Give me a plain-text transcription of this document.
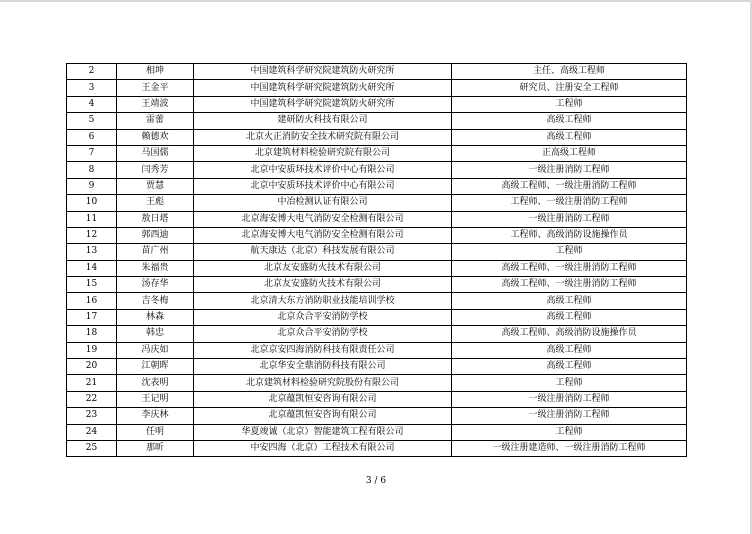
2	相坤	中国建筑科学研究院建筑防火研究所	主任、高级工程师
3	王金平	中国建筑科学研究院建筑防火研究所	研究员、注册安全工程师
4	王靖波	中国建筑科学研究院建筑防火研究所	工程师
5	雷蕾	建研防火科技有限公司	高级工程师
6	赖德欢	北京火正消防安全技术研究院有限公司	高级工程师
7	马国儒	北京建筑材料检验研究院有限公司	正高级工程师
8	闫秀芳	北京中安质环技术评价中心有限公司	一级注册消防工程师
9	贾慧	北京中安质环技术评价中心有限公司	高级工程师、一级注册消防工程师
10	王彪	中冶检测认证有限公司	工程师、一级注册消防工程师
11	敖日塔	北京海安博大电气消防安全检测有限公司	一级注册消防工程师
12	郭西迪	北京海安博大电气消防安全检测有限公司	工程师、高级消防设施操作员
13	苗广州	航天康达（北京）科技发展有限公司	工程师
14	朱福贵	北京友安盛防火技术有限公司	高级工程师、一级注册消防工程师
15	汤存华	北京友安盛防火技术有限公司	高级工程师、一级注册消防工程师
16	吉冬梅	北京清大东方消防职业技能培训学校	高级工程师
17	林森	北京众合平安消防学校	高级工程师
18	韩忠	北京众合平安消防学校	高级工程师、高级消防设施操作员
19	冯庆如	北京京安四海消防科技有限责任公司	高级工程师
20	江朝晖	北京华安全鼎消防科技有限公司	高级工程师
21	沈表明	北京建筑材料检验研究院股份有限公司	工程师
22	王记明	北京蕴凯恒安咨询有限公司	一级注册消防工程师
23	李庆林	北京蕴凯恒安咨询有限公司	一级注册消防工程师
24	任明	华夏竣诚（北京）智能建筑工程有限公司	工程师
25	那昕	中安四海（北京）工程技术有限公司	一级注册建造师、一级注册消防工程师
3 / 6
